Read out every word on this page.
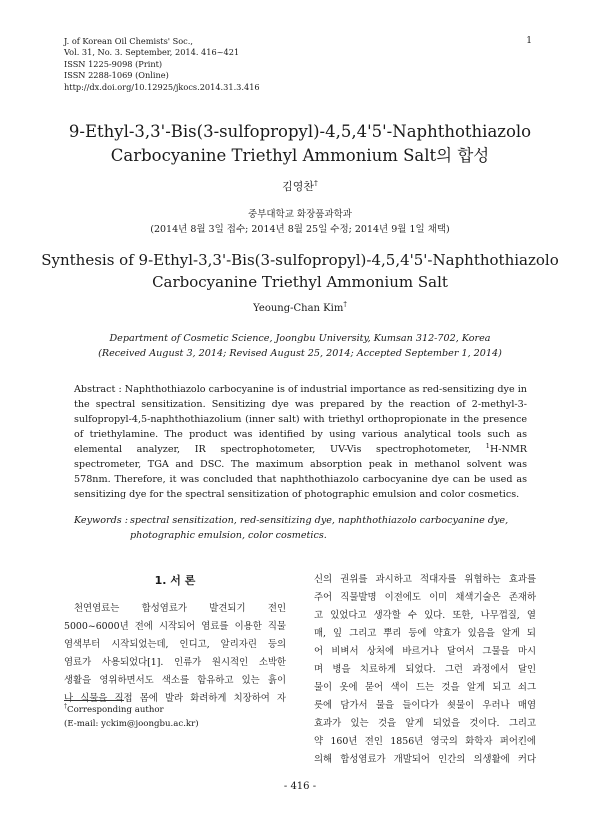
J. of Korean Oil Chemists' Soc.,
Vol. 31, No. 3. September, 2014. 416~421
ISSN 1225-9098 (Print)
ISSN 2288-1069 (Online)
http://dx.doi.org/10.12925/jkocs.2014.31.3.416
1
9-Ethyl-3,3'-Bis(3-sulfopropyl)-4,5,4'5'-Naphthothiazolo
Carbocyanine Triethyl Ammonium Salt의 합성
김영찬†
중부대학교 화장품과학과
(2014년 8월 3일 접수; 2014년 8월 25일 수정; 2014년 9월 1일 채택)
Synthesis of 9-Ethyl-3,3'-Bis(3-sulfopropyl)-4,5,4'5'-Naphthothiazolo
Carbocyanine Triethyl Ammonium Salt
Yeoung-Chan Kim†
Department of Cosmetic Science, Joongbu University, Kumsan 312-702, Korea
(Received August 3, 2014; Revised August 25, 2014; Accepted September 1, 2014)
Abstract : Naphthothiazolo carbocyanine is of industrial importance as red-sensitizing dye in the spectral sensitization. Sensitizing dye was prepared by the reaction of 2-methyl-3-sulfopropyl-4,5-naphthothiazolium (inner salt) with triethyl orthopropionate in the presence of triethylamine. The product was identified by using various analytical tools such as elemental analyzer, IR spectrophotometer, UV-Vis spectrophotometer, $^1$H-NMR spectrometer, TGA and DSC. The maximum absorption peak in methanol solvent was 578nm. Therefore, it was concluded that naphthothiazolo carbocyanine dye can be used as sensitizing dye for the spectral sensitization of photographic emulsion and color cosmetics.
Keywords : spectral sensitization, red-sensitizing dye, naphthothiazolo carbocyanine dye,
photographic emulsion, color cosmetics.
1. 서 론
천연염료는 합성염료가 발견되기 전인
5000~6000년 전에 시작되어 염료를 이용한 직물
염색부터 시작되었는데, 인디고, 알리자린 등의
염료가 사용되었다[1]. 인류가 원시적인 소박한
생활을 영위하면서도 색소를 함유하고 있는 흙이
나 식물을 직접 몸에 발라 화려하게 치장하여 자
신의 권위를 과시하고 적대자를 위협하는 효과를
주어 직물발명 이전에도 이미 채색기술은 존재하
고 있었다고 생각할 수 있다. 또한, 나무껍질, 열
매, 잎 그리고 뿌리 등에 약효가 있음을 알게 되
어 비벼서 상처에 바르거나 달여서 그물을 마시
며 병을 치료하게 되었다. 그런 과정에서 달인
물이 옷에 묻어 색이 드는 것을 알게 되고 쇠그
릇에 담가서 물을 들이다가 쇳물이 우러나 매염
효과가 있는 것을 알게 되었을 것이다. 그리고
약 160년 전인 1856년 영국의 화학자 퍼어킨에
의해 합성염료가 개발되어 인간의 의생활에 커다
†Corresponding author
(E-mail: yckim@joongbu.ac.kr)
- 416 -
